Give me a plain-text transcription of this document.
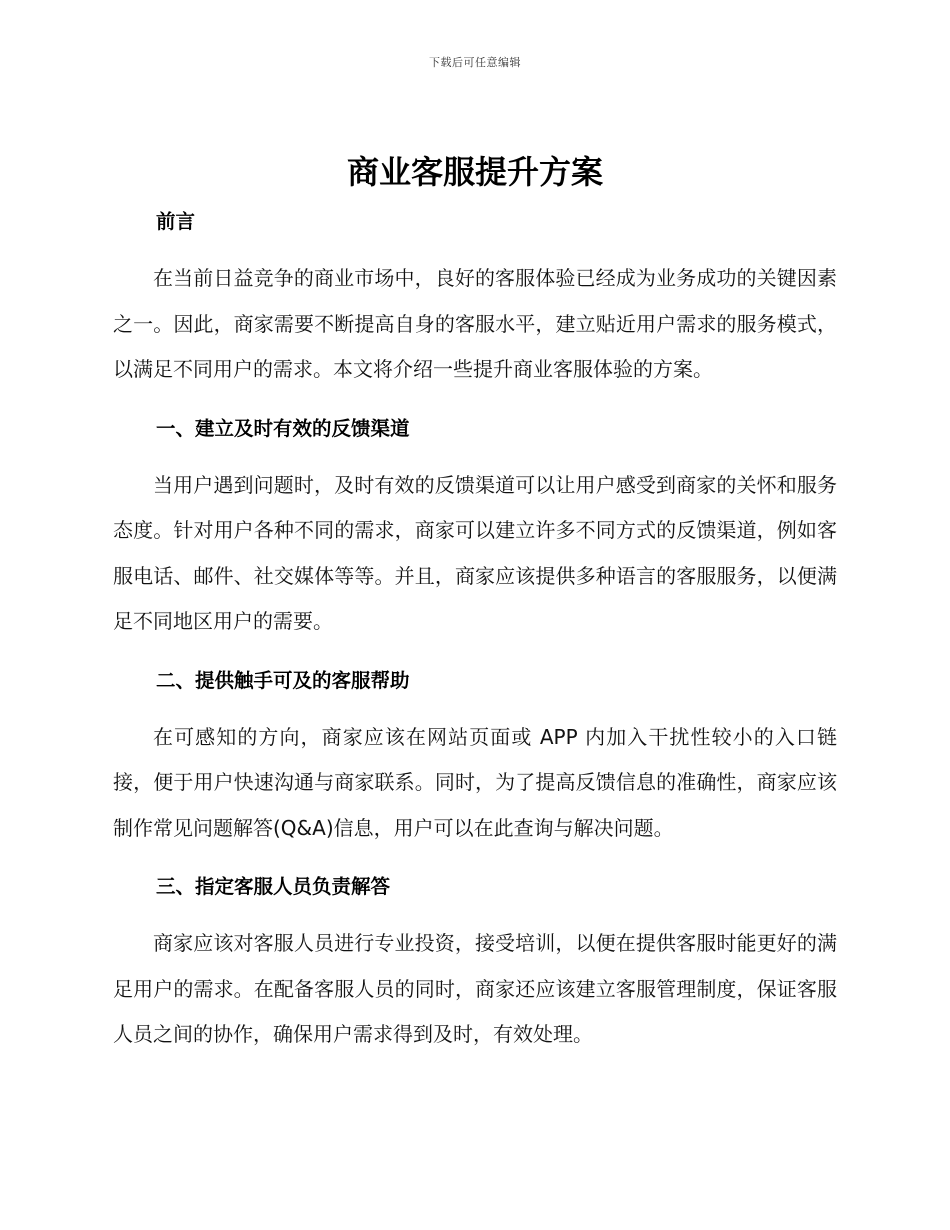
下载后可任意编辑
商业客服提升方案
前言

在当前日益竞争的商业市场中，良好的客服体验已经成为业务成功的关键因素之一。因此，商家需要不断提高自身的客服水平，建立贴近用户需求的服务模式，以满足不同用户的需求。本文将介绍一些提升商业客服体验的方案。

一、建立及时有效的反馈渠道

当用户遇到问题时，及时有效的反馈渠道可以让用户感受到商家的关怀和服务态度。针对用户各种不同的需求，商家可以建立许多不同方式的反馈渠道，例如客服电话、邮件、社交媒体等等。并且，商家应该提供多种语言的客服服务，以便满足不同地区用户的需要。

二、提供触手可及的客服帮助

在可感知的方向，商家应该在网站页面或 APP 内加入干扰性较小的入口链接，便于用户快速沟通与商家联系。同时，为了提高反馈信息的准确性，商家应该制作常见问题解答(Q&A)信息，用户可以在此查询与解决问题。

三、指定客服人员负责解答

商家应该对客服人员进行专业投资，接受培训，以便在提供客服时能更好的满足用户的需求。在配备客服人员的同时，商家还应该建立客服管理制度，保证客服人员之间的协作，确保用户需求得到及时，有效处理。
